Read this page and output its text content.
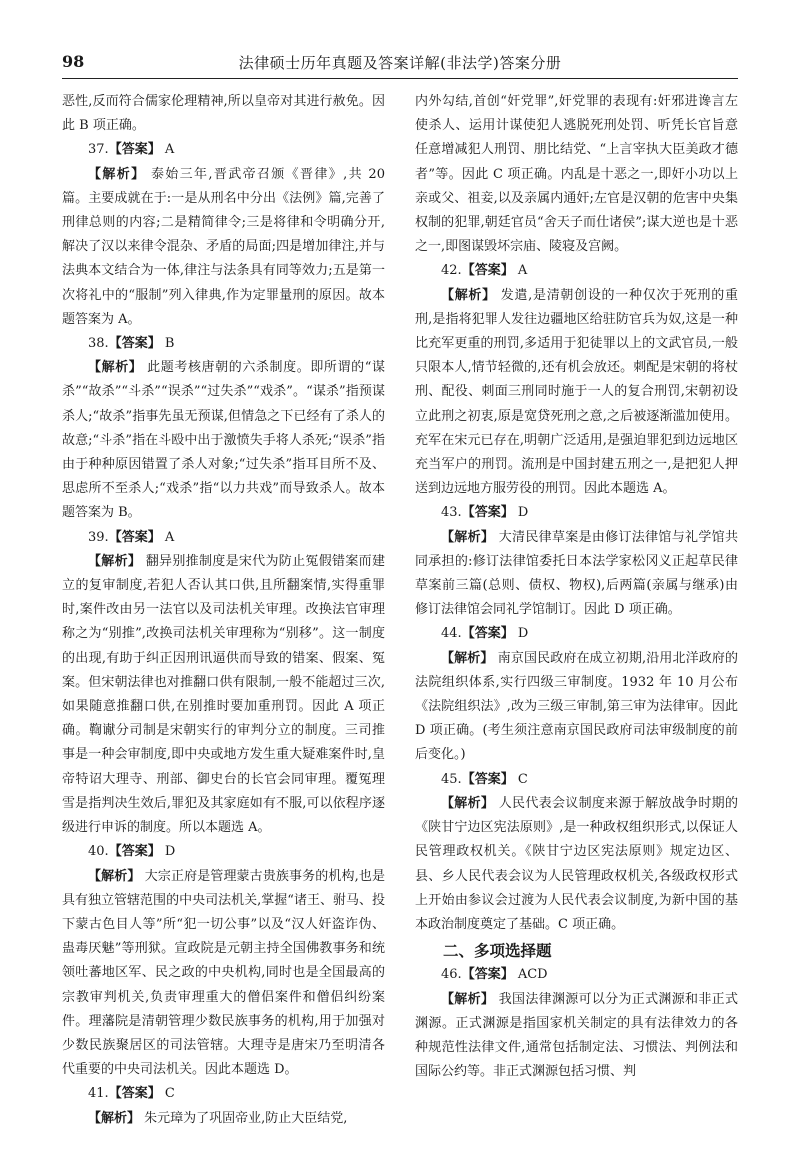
98	法律硕士历年真题及答案详解(非法学)答案分册

恶性,反而符合儒家伦理精神,所以皇帝对其进行赦免。因此 B 项正确。

37.【答案】 A

【解析】 泰始三年,晋武帝召颁《晋律》,共 20 篇。主要成就在于:一是从刑名中分出《法例》篇,完善了刑律总则的内容;二是精简律令;三是将律和令明确分开,解决了汉以来律令混杂、矛盾的局面;四是增加律注,并与法典本文结合为一体,律注与法条具有同等效力;五是第一次将礼中的“服制”列入律典,作为定罪量刑的原因。故本题答案为 A。

38.【答案】 B

【解析】 此题考核唐朝的六杀制度。即所谓的“谋杀”“故杀”“斗杀”“误杀”“过失杀”“戏杀”。“谋杀”指预谋杀人;“故杀”指事先虽无预谋,但情急之下已经有了杀人的故意;“斗杀”指在斗殴中出于激愤失手将人杀死;“误杀”指由于种种原因错置了杀人对象;“过失杀”指耳目所不及、思虑所不至杀人;“戏杀”指“以力共戏”而导致杀人。故本题答案为 B。

39.【答案】 A

【解析】 翻异别推制度是宋代为防止冤假错案而建立的复审制度,若犯人否认其口供,且所翻案情,实得重罪时,案件改由另一法官以及司法机关审理。改换法官审理称之为“别推”,改换司法机关审理称为“别移”。这一制度的出现,有助于纠正因刑讯逼供而导致的错案、假案、冤案。但宋朝法律也对推翻口供有限制,一般不能超过三次,如果随意推翻口供,在别推时要加重刑罚。因此 A 项正确。鞫谳分司制是宋朝实行的审判分立的制度。三司推事是一种会审制度,即中央或地方发生重大疑难案件时,皇帝特诏大理寺、刑部、御史台的长官会同审理。覆冤理雪是指判决生效后,罪犯及其家庭如有不服,可以依程序逐级进行申诉的制度。所以本题选 A。

40.【答案】 D

【解析】 大宗正府是管理蒙古贵族事务的机构,也是具有独立管辖范围的中央司法机关,掌握“诸王、驸马、投下蒙古色目人等”所“犯一切公事”以及“汉人奸盗诈伪、蛊毒厌魅”等刑狱。宣政院是元朝主持全国佛教事务和统领吐蕃地区军、民之政的中央机构,同时也是全国最高的宗教审判机关,负责审理重大的僧侣案件和僧侣纠纷案件。理藩院是清朝管理少数民族事务的机构,用于加强对少数民族聚居区的司法管辖。大理寺是唐宋乃至明清各代重要的中央司法机关。因此本题选 D。

41.【答案】 C

【解析】 朱元璋为了巩固帝业,防止大臣结党,

内外勾结,首创“奸党罪”,奸党罪的表现有:奸邪进谗言左使杀人、运用计谋使犯人逃脱死刑处罚、听凭长官旨意任意增减犯人刑罚、朋比结党、“上言宰执大臣美政才德者”等。因此 C 项正确。内乱是十恶之一,即奸小功以上亲或父、祖妾,以及亲属内通奸;左官是汉朝的危害中央集权制的犯罪,朝廷官员“舍天子而仕诸侯”;谋大逆也是十恶之一,即图谋毁坏宗庙、陵寝及宫阙。

42.【答案】 A

【解析】 发遣,是清朝创设的一种仅次于死刑的重刑,是指将犯罪人发往边疆地区给驻防官兵为奴,这是一种比充军更重的刑罚,多适用于犯徒罪以上的文武官员,一般只限本人,情节轻微的,还有机会放还。刺配是宋朝的将杖刑、配役、刺面三刑同时施于一人的复合刑罚,宋朝初设立此刑之初衷,原是宽贷死刑之意,之后被逐渐滥加使用。充军在宋元已存在,明朝广泛适用,是强迫罪犯到边远地区充当军户的刑罚。流刑是中国封建五刑之一,是把犯人押送到边远地方服劳役的刑罚。因此本题选 A。

43.【答案】 D

【解析】 大清民律草案是由修订法律馆与礼学馆共同承担的:修订法律馆委托日本法学家松冈义正起草民律草案前三篇(总则、债权、物权),后两篇(亲属与继承)由修订法律馆会同礼学馆制订。因此 D 项正确。

44.【答案】 D

【解析】 南京国民政府在成立初期,沿用北洋政府的法院组织体系,实行四级三审制度。1932 年 10 月公布《法院组织法》,改为三级三审制,第三审为法律审。因此 D 项正确。(考生须注意南京国民政府司法审级制度的前后变化。)

45.【答案】 C

【解析】 人民代表会议制度来源于解放战争时期的《陕甘宁边区宪法原则》,是一种政权组织形式,以保证人民管理政权机关。《陕甘宁边区宪法原则》规定边区、县、乡人民代表会议为人民管理政权机关,各级政权形式上开始由参议会过渡为人民代表会议制度,为新中国的基本政治制度奠定了基础。C 项正确。

二、多项选择题

46.【答案】 ACD

【解析】 我国法律渊源可以分为正式渊源和非正式渊源。正式渊源是指国家机关制定的具有法律效力的各种规范性法律文件,通常包括制定法、习惯法、判例法和国际公约等。非正式渊源包括习惯、判
